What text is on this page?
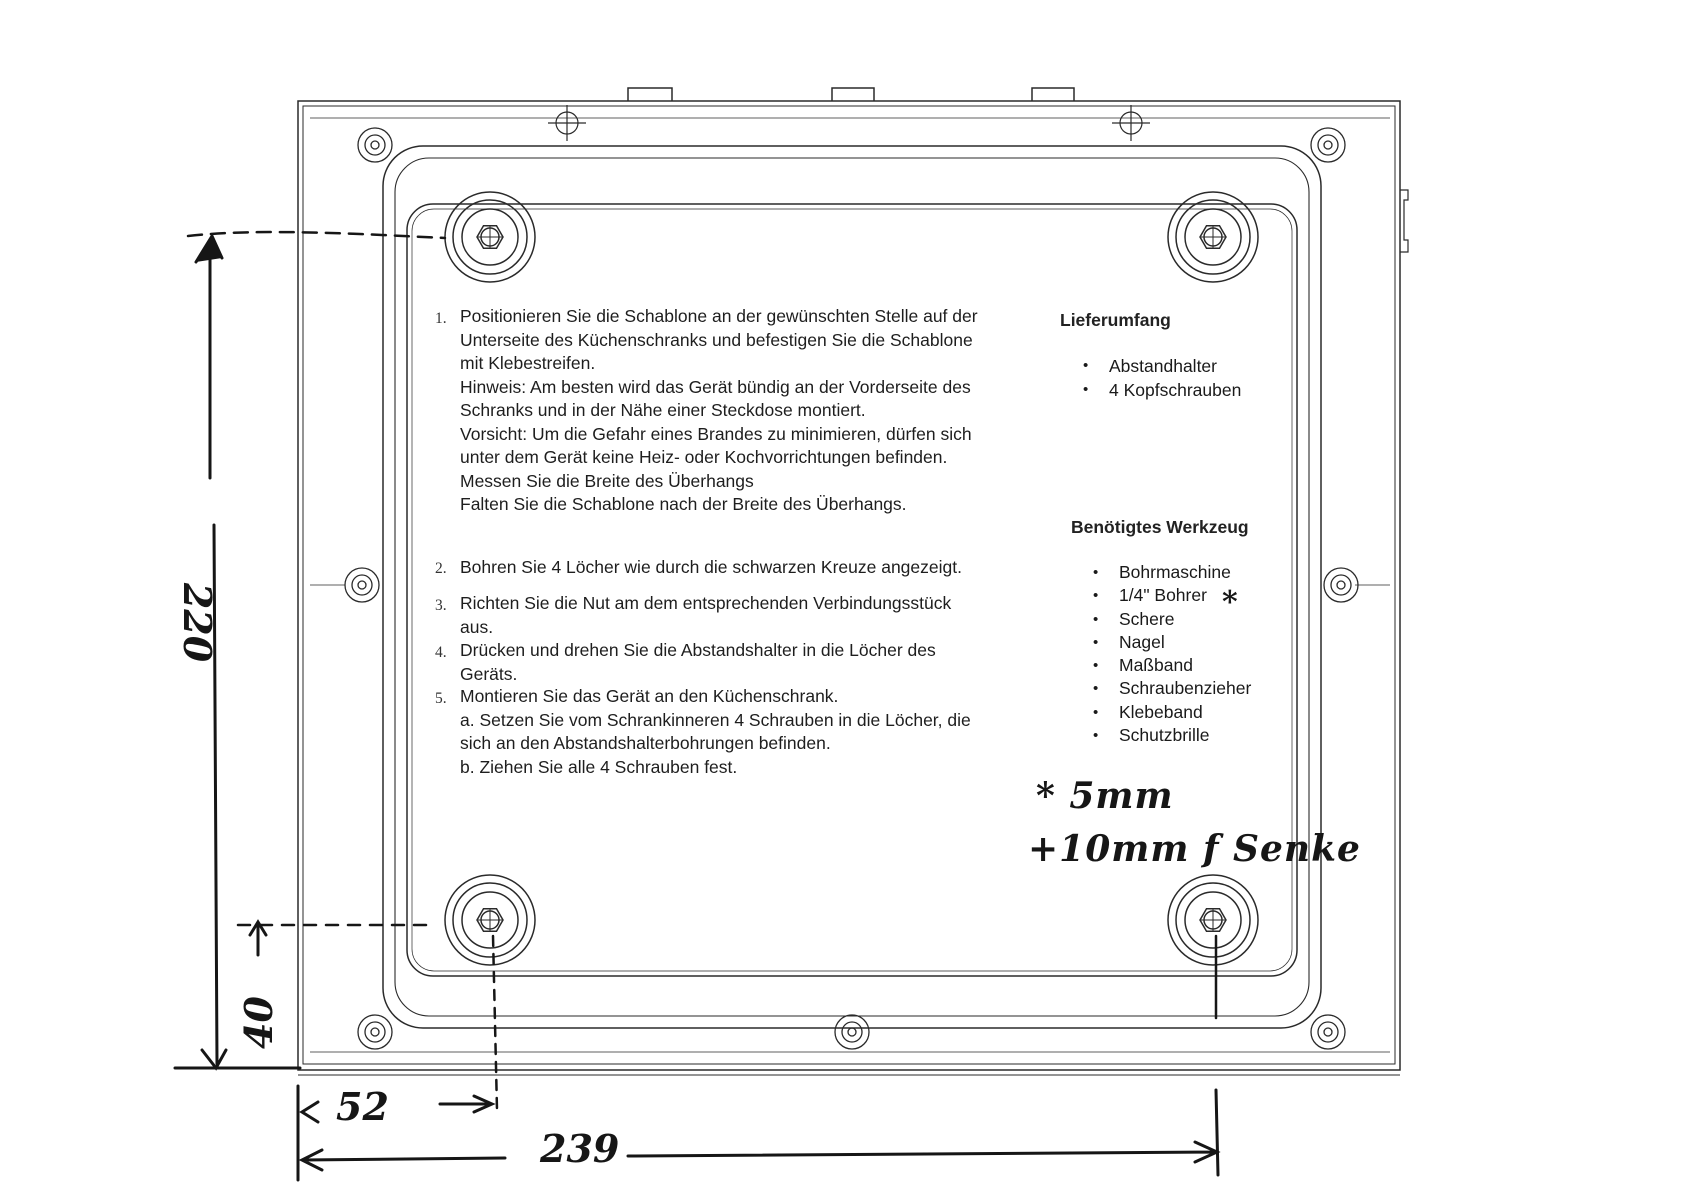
1. Positionieren Sie die Schablone an der gewünschten Stelle auf der
Unterseite des Küchenschranks und befestigen Sie die Schablone
mit Klebestreifen.
Hinweis: Am besten wird das Gerät bündig an der Vorderseite des
Schranks und in der Nähe einer Steckdose montiert.
Vorsicht: Um die Gefahr eines Brandes zu minimieren, dürfen sich
unter dem Gerät keine Heiz- oder Kochvorrichtungen befinden.
Messen Sie die Breite des Überhangs
Falten Sie die Schablone nach der Breite des Überhangs.
2. Bohren Sie 4 Löcher wie durch die schwarzen Kreuze angezeigt.
3. Richten Sie die Nut am dem entsprechenden Verbindungsstück
aus.
4. Drücken und drehen Sie die Abstandshalter in die Löcher des
Geräts.
5. Montieren Sie das Gerät an den Küchenschrank.
a. Setzen Sie vom Schrankinneren 4 Schrauben in die Löcher, die
sich an den Abstandshalterbohrungen befinden.
b. Ziehen Sie alle 4 Schrauben fest.
Lieferumfang
• Abstandhalter
• 4 Kopfschrauben
Benötigtes Werkzeug
• Bohrmaschine
• 1/4" Bohrer
• Schere
• Nagel
• Maßband
• Schraubenzieher
• Klebeband
• Schutzbrille
*
* 5mm
+10mm f Senke
220
40
52
239
